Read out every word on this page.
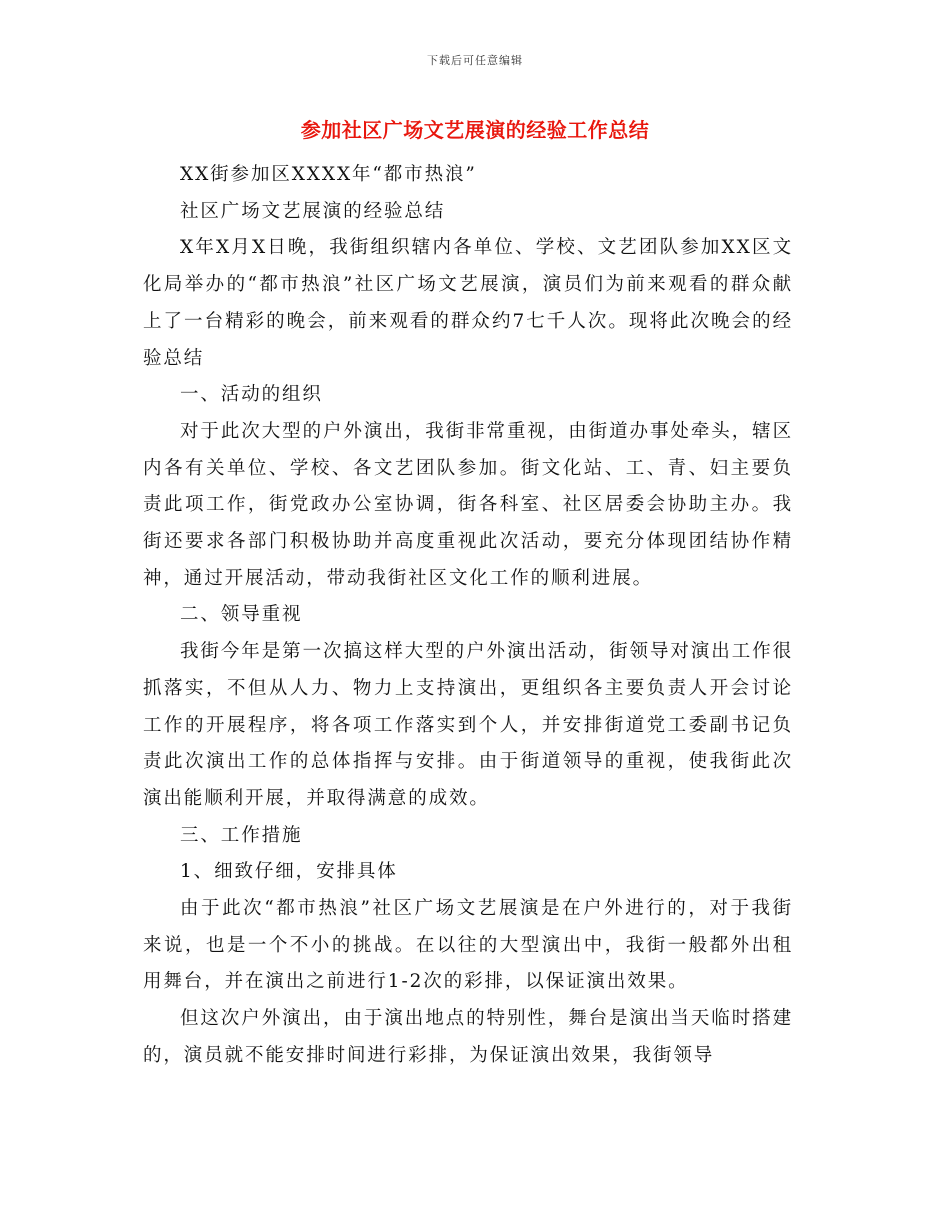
下载后可任意编辑
参加社区广场文艺展演的经验工作总结

XX街参加区XXXX年“都市热浪”

社区广场文艺展演的经验总结

X年X月X日晚，我街组织辖内各单位、学校、文艺团队参加XX区文化局举办的“都市热浪”社区广场文艺展演，演员们为前来观看的群众献上了一台精彩的晚会，前来观看的群众约7七千人次。现将此次晚会的经验总结

一、活动的组织

对于此次大型的户外演出，我街非常重视，由街道办事处牵头，辖区内各有关单位、学校、各文艺团队参加。街文化站、工、青、妇主要负责此项工作，街党政办公室协调，街各科室、社区居委会协助主办。我街还要求各部门积极协助并高度重视此次活动，要充分体现团结协作精神，通过开展活动，带动我街社区文化工作的顺利进展。

二、领导重视

我街今年是第一次搞这样大型的户外演出活动，街领导对演出工作很抓落实，不但从人力、物力上支持演出，更组织各主要负责人开会讨论工作的开展程序，将各项工作落实到个人，并安排街道党工委副书记负责此次演出工作的总体指挥与安排。由于街道领导的重视，使我街此次演出能顺利开展，并取得满意的成效。

三、工作措施

1、细致仔细，安排具体

由于此次“都市热浪”社区广场文艺展演是在户外进行的，对于我街来说，也是一个不小的挑战。在以往的大型演出中，我街一般都外出租用舞台，并在演出之前进行1-2次的彩排，以保证演出效果。

但这次户外演出，由于演出地点的特别性，舞台是演出当天临时搭建的，演员就不能安排时间进行彩排，为保证演出效果，我街领导
